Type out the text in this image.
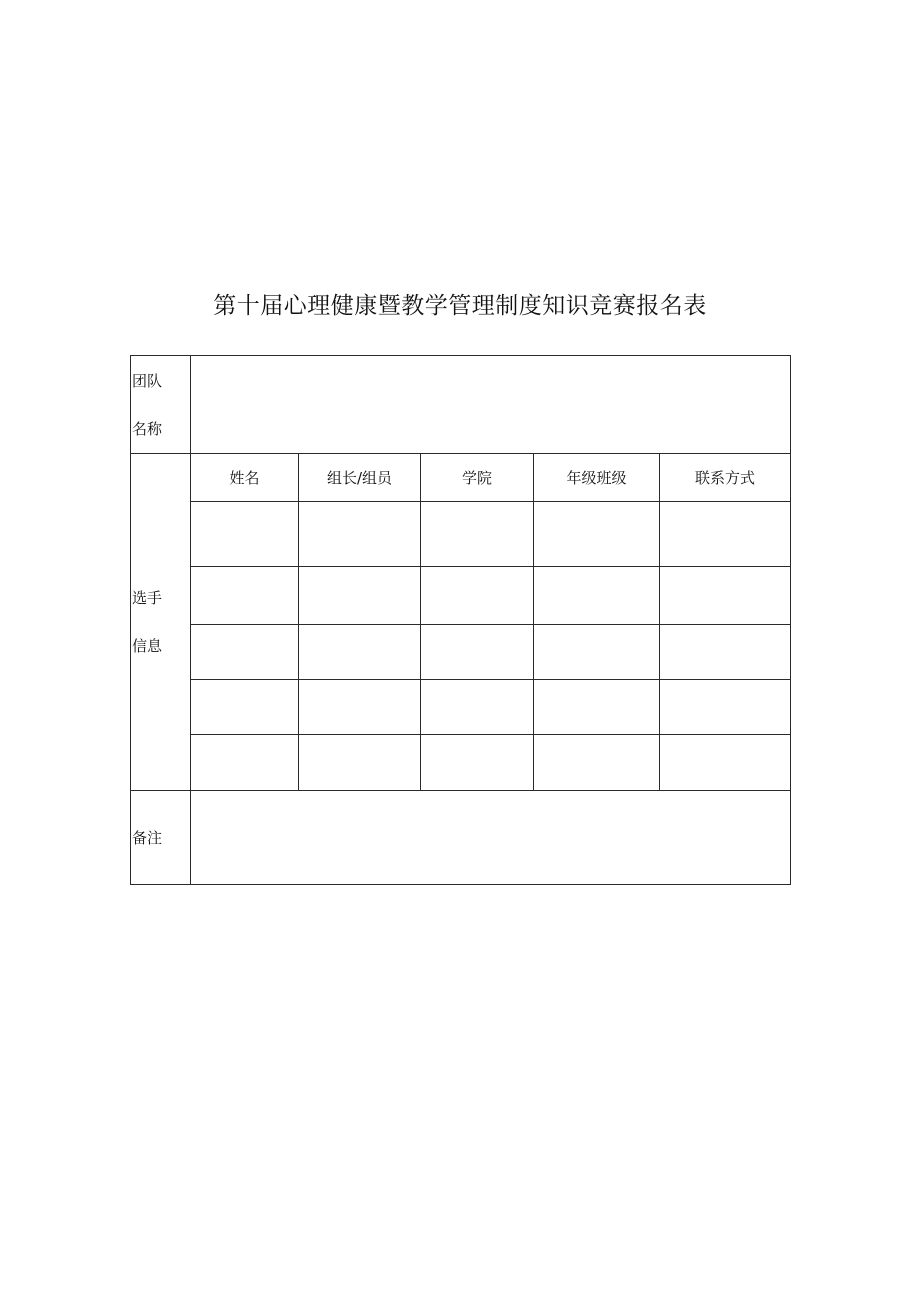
第十届心理健康暨教学管理制度知识竞赛报名表
团队
名称					

选手
信息	姓名	组长/组员	学院	年级班级	联系方式

备注					
